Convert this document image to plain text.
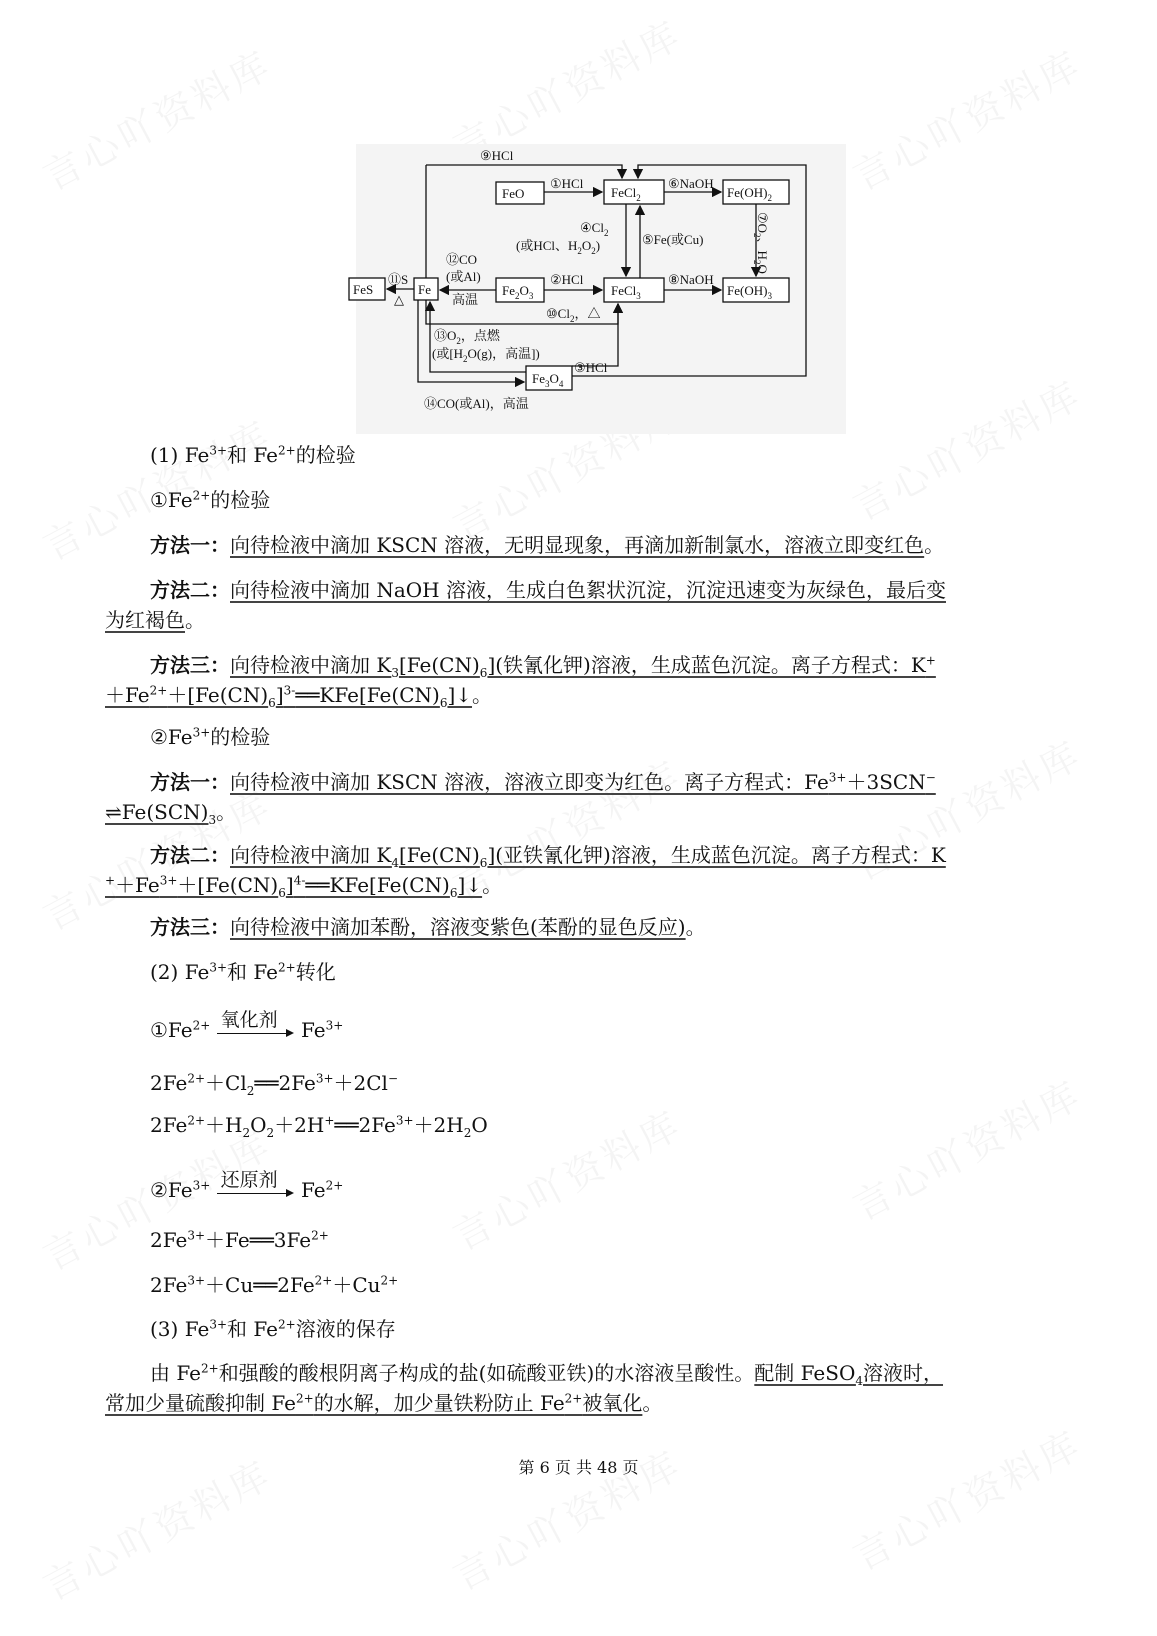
FeO	FeCl$_2$	$Fe(OH)_2$
FeS	Fe	$Fe_2O_3$	FeCl$_3$	$Fe(OH)_3$
$Fe_3O_4$
①HCl
②HCl
③HCl
$④Cl_2$
(或HCl、$H_2O_2$)	⑤Fe(或Cu)
⑥NaOH
$⑦O_2$、$H_2O$
⑧NaOH
⑨HCl
$⑩Cl_2$，△
⑪S
△
⑫CO
(或Al)
高温
$⑬O_2$，点燃
(或[$H_2O(g)$，高温])
⑭CO(或Al)，高温
(1) $Fe^{3+}$和 $Fe^{2+}$的检验
$①Fe^{2+}$的检验
方法一：向待检液中滴加 KSCN 溶液，无明显现象，再滴加新制氯水，溶液立即变红色。
方法二：向待检液中滴加 NaOH 溶液，生成白色絮状沉淀，沉淀迅速变为灰绿色，最后变
为红褐色。
方法三：向待检液中滴加 $K_3[Fe(CN)_6]$(铁氰化钾)溶液，生成蓝色沉淀。离子方程式：K+
$+Fe^{2+}+[Fe(CN)_6]^{3-}══KFe[Fe(CN)_6]↓$。
$②Fe^{3+}$的检验
方法一：向待检液中滴加 KSCN 溶液，溶液立即变为红色。离子方程式：$Fe^{3+}+3SCN^-$
$\rightleftharpoons Fe(SCN)_3$。
方法二：向待检液中滴加 $K_4[Fe(CN)_6]$(亚铁氰化钾)溶液，生成蓝色沉淀。离子方程式：K
$^++Fe^{3+}+[Fe(CN)_6]^{4-}══KFe[Fe(CN)_6]↓$。
方法三：向待检液中滴加苯酚，溶液变紫色(苯酚的显色反应)。
(2) $Fe^{3+}$和 $Fe^{2+}$转化
$①Fe^{2+}$ 氧化剂 $Fe^{3+}$
$2Fe^{2+}+Cl_2══2Fe^{3+}+2Cl^-$
$2Fe^{2+}+H_2O_2+2H^+══2Fe^{3+}+2H_2O$
$②Fe^{3+}$ 还原剂 $Fe^{2+}$
$2Fe^{3+}+Fe══3Fe^{2+}$
$2Fe^{3+}+Cu══2Fe^{2+}+Cu^{2+}$
(3) $Fe^{3+}$和 $Fe^{2+}$溶液的保存
由 $Fe^{2+}$和强酸的酸根阴离子构成的盐(如硫酸亚铁)的水溶液呈酸性。配制 FeSO$_4$溶液时，
常加少量硫酸抑制 $Fe^{2+}$的水解，加少量铁粉防止 $Fe^{2+}$被氧化。
第 6 页 共 48 页
